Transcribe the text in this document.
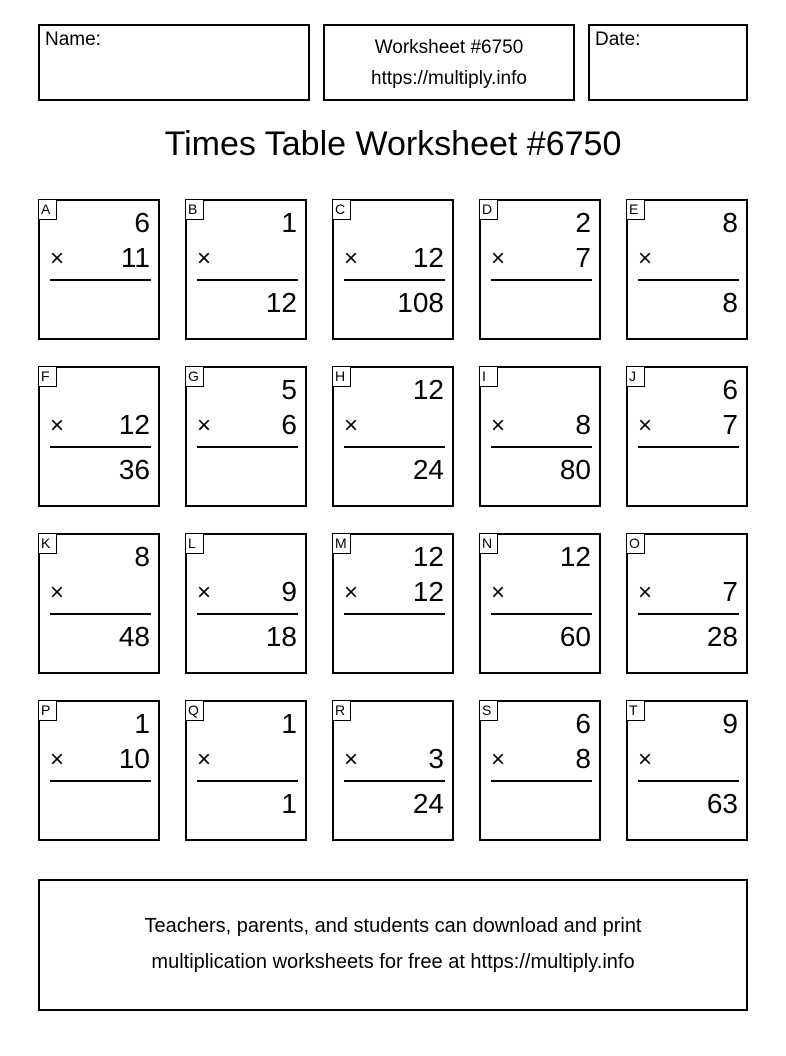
Name:	Worksheet #6750
https://multiply.info
Date:
Times Table Worksheet #6750
A	6
× 11
B	1
×
12
C
× 12
108
D	2
×	7
E	8
×
8
F
× 12
36
G	5
×	6
H 12
×
24
I
×	8
80
J	6
×	7
K	8
×
48
L
×	9
18
M 12
× 12
N 12
×
60
O
×	7
28
P	1
× 10
Q	1
×
1
R
×	3
24
S	6
×	8
T	9
×
63
Teachers, parents, and students can download and print
multiplication worksheets for free at https://multiply.info
